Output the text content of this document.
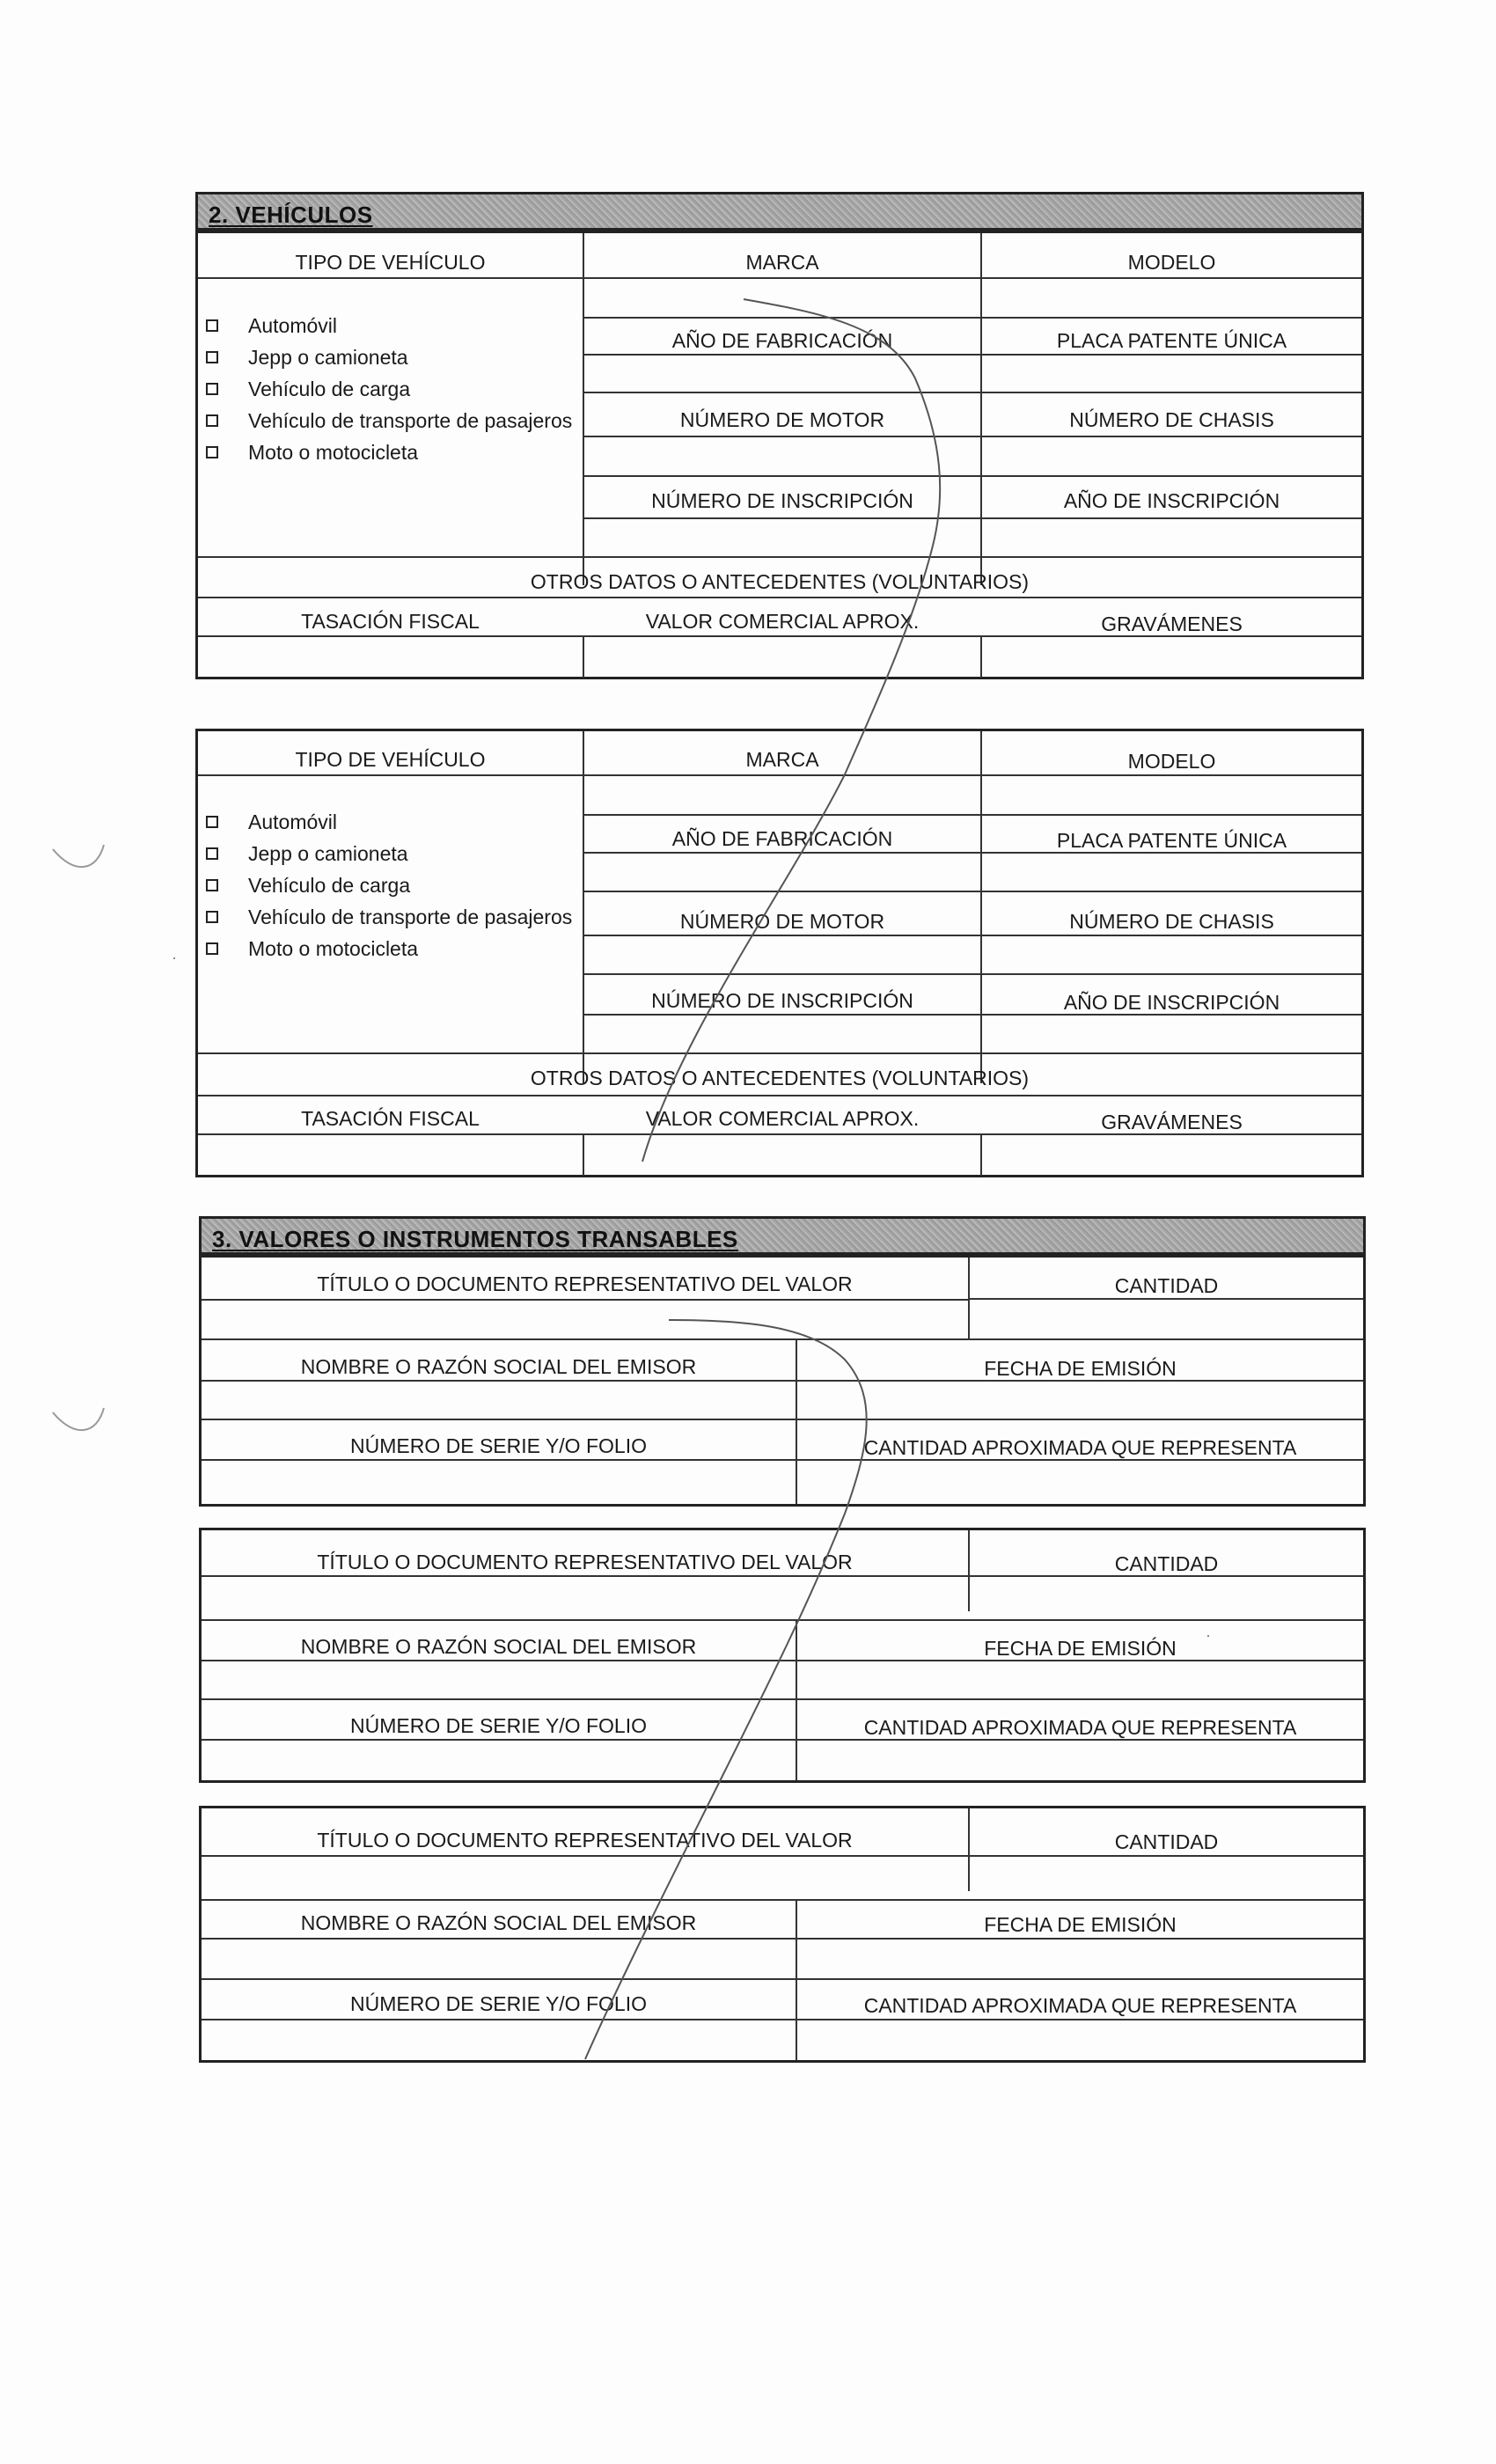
2. VEHÍCULOS
TIPO DE VEHÍCULO	MARCA	MODELO
AÑO DE FABRICACIÓN	PLACA PATENTE ÚNICA
NÚMERO DE MOTOR	NÚMERO DE CHASIS
NÚMERO DE INSCRIPCIÓN	AÑO DE INSCRIPCIÓN
OTROS DATOS O ANTECEDENTES (VOLUNTARIOS)
TASACIÓN FISCAL	VALOR COMERCIAL APROX.	GRAVÁMENES
Automóvil
Jepp o camioneta
Vehículo de carga
Vehículo de transporte de pasajeros
Moto o motocicleta
TIPO DE VEHÍCULO	MARCA	MODELO
AÑO DE FABRICACIÓN	PLACA PATENTE ÚNICA
NÚMERO DE MOTOR	NÚMERO DE CHASIS
NÚMERO DE INSCRIPCIÓN	AÑO DE INSCRIPCIÓN
OTROS DATOS O ANTECEDENTES (VOLUNTARIOS)
TASACIÓN FISCAL	VALOR COMERCIAL APROX.	GRAVÁMENES
Automóvil
Jepp o camioneta
Vehículo de carga
Vehículo de transporte de pasajeros
Moto o motocicleta
3. VALORES O INSTRUMENTOS TRANSABLES
TÍTULO O DOCUMENTO REPRESENTATIVO DEL VALOR	CANTIDAD
NOMBRE O RAZÓN SOCIAL DEL EMISOR	FECHA DE EMISIÓN
NÚMERO DE SERIE Y/O FOLIO	CANTIDAD APROXIMADA QUE REPRESENTA
TÍTULO O DOCUMENTO REPRESENTATIVO DEL VALOR	CANTIDAD
NOMBRE O RAZÓN SOCIAL DEL EMISOR	FECHA DE EMISIÓN
NÚMERO DE SERIE Y/O FOLIO	CANTIDAD APROXIMADA QUE REPRESENTA
TÍTULO O DOCUMENTO REPRESENTATIVO DEL VALOR	CANTIDAD
NOMBRE O RAZÓN SOCIAL DEL EMISOR	FECHA DE EMISIÓN
NÚMERO DE SERIE Y/O FOLIO	CANTIDAD APROXIMADA QUE REPRESENTA
·
·
